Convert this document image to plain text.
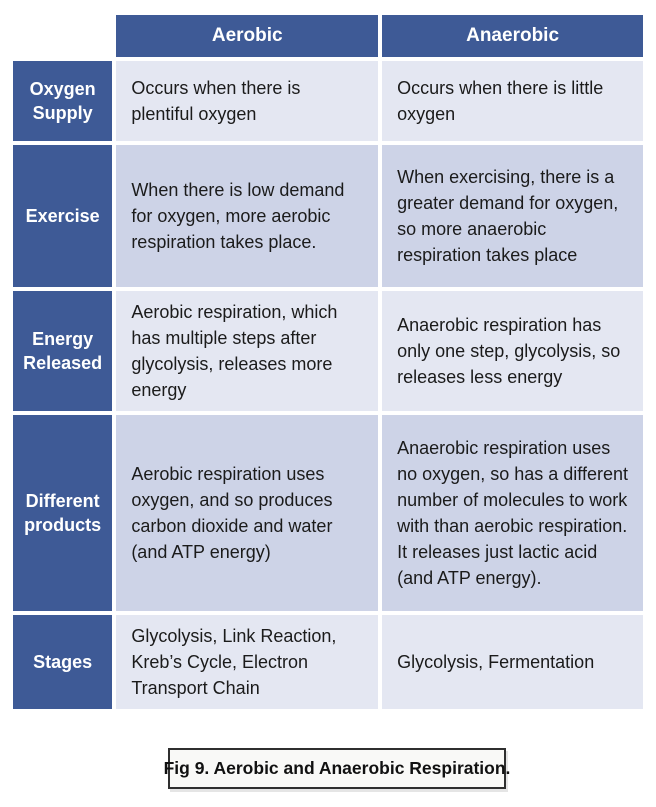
	Aerobic	Anaerobic
Oxygen Supply	Occurs when there is plentiful oxygen	Occurs when there is little oxygen
Exercise	When there is low demand for oxygen, more aerobic respiration takes place.	When exercising, there is a greater demand for oxygen, so more anaerobic respiration takes place
Energy Released	Aerobic respiration, which has multiple steps after glycolysis, releases more energy	Anaerobic respiration has only one step, glycolysis, so releases less energy
Different products	Aerobic respiration uses oxygen, and so produces carbon dioxide and water (and ATP energy)	Anaerobic respiration uses no oxygen, so has a different number of molecules to work with than aerobic respiration. It releases just lactic acid (and ATP energy).
Stages	Glycolysis, Link Reaction, Kreb’s Cycle, Electron Transport Chain	Glycolysis, Fermentation
Fig 9. Aerobic and Anaerobic Respiration.
